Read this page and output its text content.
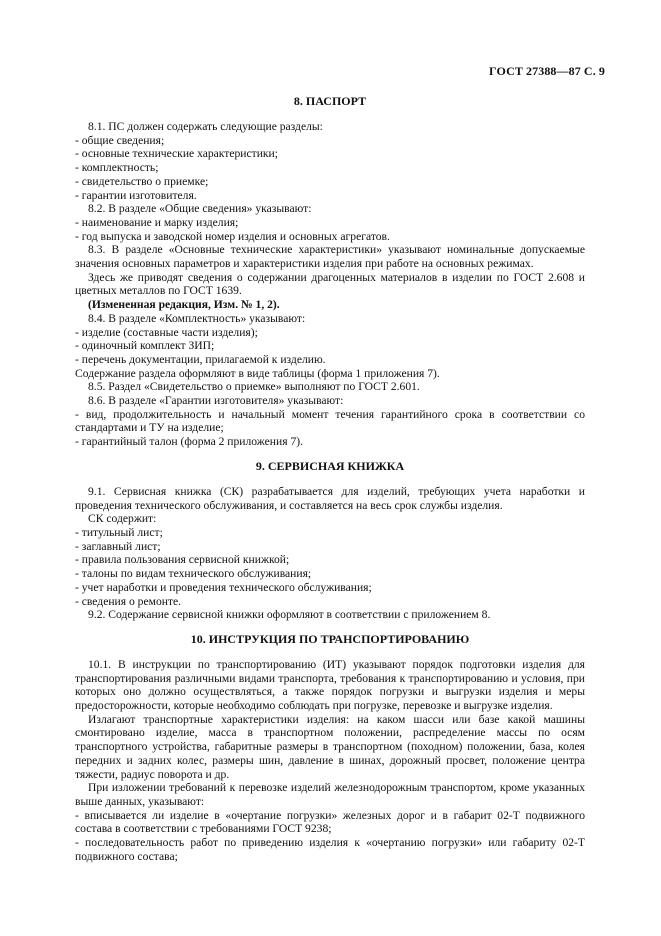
ГОСТ 27388—87 С. 9
8. ПАСПОРТ

8.1. ПС должен содержать следующие разделы:

- общие сведения;

- основные технические характеристики;

- комплектность;

- свидетельство о приемке;

- гарантии изготовителя.

8.2. В разделе «Общие сведения» указывают:

- наименование и марку изделия;

- год выпуска и заводской номер изделия и основных агрегатов.

8.3. В разделе «Основные технические характеристики» указывают номинальные допускаемые значения основных параметров и характеристики изделия при работе на основных режимах.

Здесь же приводят сведения о содержании драгоценных материалов в изделии по ГОСТ 2.608 и цветных металлов по ГОСТ 1639.

(Измененная редакция, Изм. № 1, 2).

8.4. В разделе «Комплектность» указывают:

- изделие (составные части изделия);

- одиночный комплект ЗИП;

- перечень документации, прилагаемой к изделию.

Содержание раздела оформляют в виде таблицы (форма 1 приложения 7).

8.5. Раздел «Свидетельство о приемке» выполняют по ГОСТ 2.601.

8.6. В разделе «Гарантии изготовителя» указывают:

- вид, продолжительность и начальный момент течения гарантийного срока в соответствии со стандартами и ТУ на изделие;

- гарантийный талон (форма 2 приложения 7).

9. СЕРВИСНАЯ КНИЖКА

9.1. Сервисная книжка (СК) разрабатывается для изделий, требующих учета наработки и проведения технического обслуживания, и составляется на весь срок службы изделия.

СК содержит:

- титульный лист;

- заглавный лист;

- правила пользования сервисной книжкой;

- талоны по видам технического обслуживания;

- учет наработки и проведения технического обслуживания;

- сведения о ремонте.

9.2. Содержание сервисной книжки оформляют в соответствии с приложением 8.

10. ИНСТРУКЦИЯ ПО ТРАНСПОРТИРОВАНИЮ

10.1. В инструкции по транспортированию (ИТ) указывают порядок подготовки изделия для транспортирования различными видами транспорта, требования к транспортированию и условия, при которых оно должно осуществляться, а также порядок погрузки и выгрузки изделия и меры предосторожности, которые необходимо соблюдать при погрузке, перевозке и выгрузке изделия.

Излагают транспортные характеристики изделия: на каком шасси или базе какой машины смонтировано изделие, масса в транспортном положении, распределение массы по осям транспортного устройства, габаритные размеры в транспортном (походном) положении, база, колея передних и задних колес, размеры шин, давление в шинах, дорожный просвет, положение центра тяжести, радиус поворота и др.

При изложении требований к перевозке изделий железнодорожным транспортом, кроме указанных выше данных, указывают:

- вписывается ли изделие в «очертание погрузки» железных дорог и в габарит 02-Т подвижного состава в соответствии с требованиями ГОСТ 9238;

- последовательность работ по приведению изделия к «очертанию погрузки» или габариту 02-Т подвижного состава;
